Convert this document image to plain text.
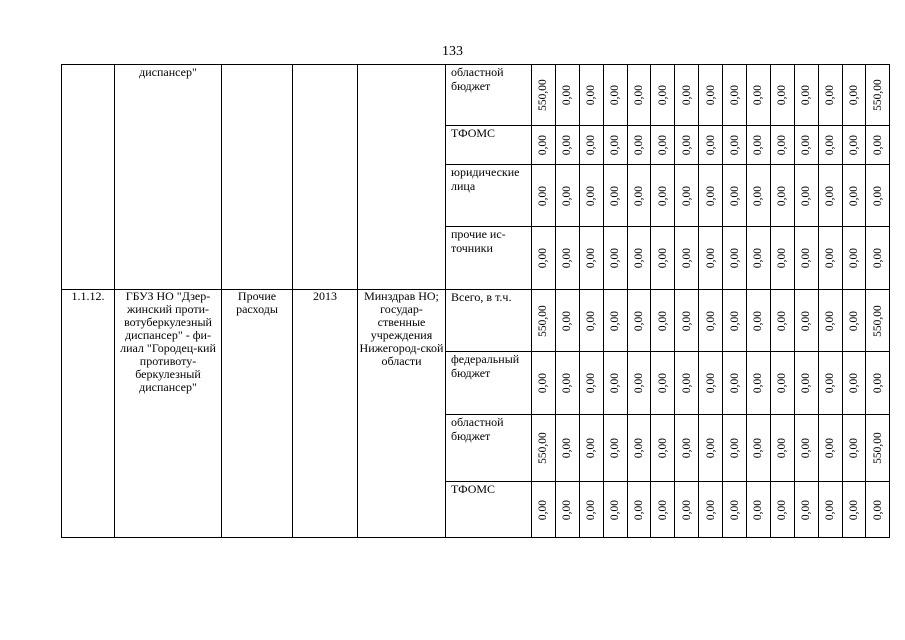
133
	диспансер"				областной бюджет	550,00	0,00	0,00	0,00	0,00	0,00	0,00	0,00	0,00	0,00	0,00	0,00	0,00	0,00	550,00

					ТФОМС	0,00	0,00	0,00	0,00	0,00	0,00	0,00	0,00	0,00	0,00	0,00	0,00	0,00	0,00	0,00

					юридические лица	0,00	0,00	0,00	0,00	0,00	0,00	0,00	0,00	0,00	0,00	0,00	0,00	0,00	0,00	0,00

					прочие ис-точники	0,00	0,00	0,00	0,00	0,00	0,00	0,00	0,00	0,00	0,00	0,00	0,00	0,00	0,00	0,00

1.1.12.	ГБУЗ НО "Дзер-жинский проти-вотуберкулезный диспансер" - фи-лиал "Городец-кий противоту-беркулезный диспансер"	Прочие расходы	2013	Минздрав НО; государ-ственные учреждения Нижегород-ской области	Всего, в т.ч.	550,00	0,00	0,00	0,00	0,00	0,00	0,00	0,00	0,00	0,00	0,00	0,00	0,00	0,00	550,00

					федеральный бюджет	0,00	0,00	0,00	0,00	0,00	0,00	0,00	0,00	0,00	0,00	0,00	0,00	0,00	0,00	0,00

					областной бюджет	550,00	0,00	0,00	0,00	0,00	0,00	0,00	0,00	0,00	0,00	0,00	0,00	0,00	0,00	550,00

					ТФОМС	0,00	0,00	0,00	0,00	0,00	0,00	0,00	0,00	0,00	0,00	0,00	0,00	0,00	0,00	0,00
